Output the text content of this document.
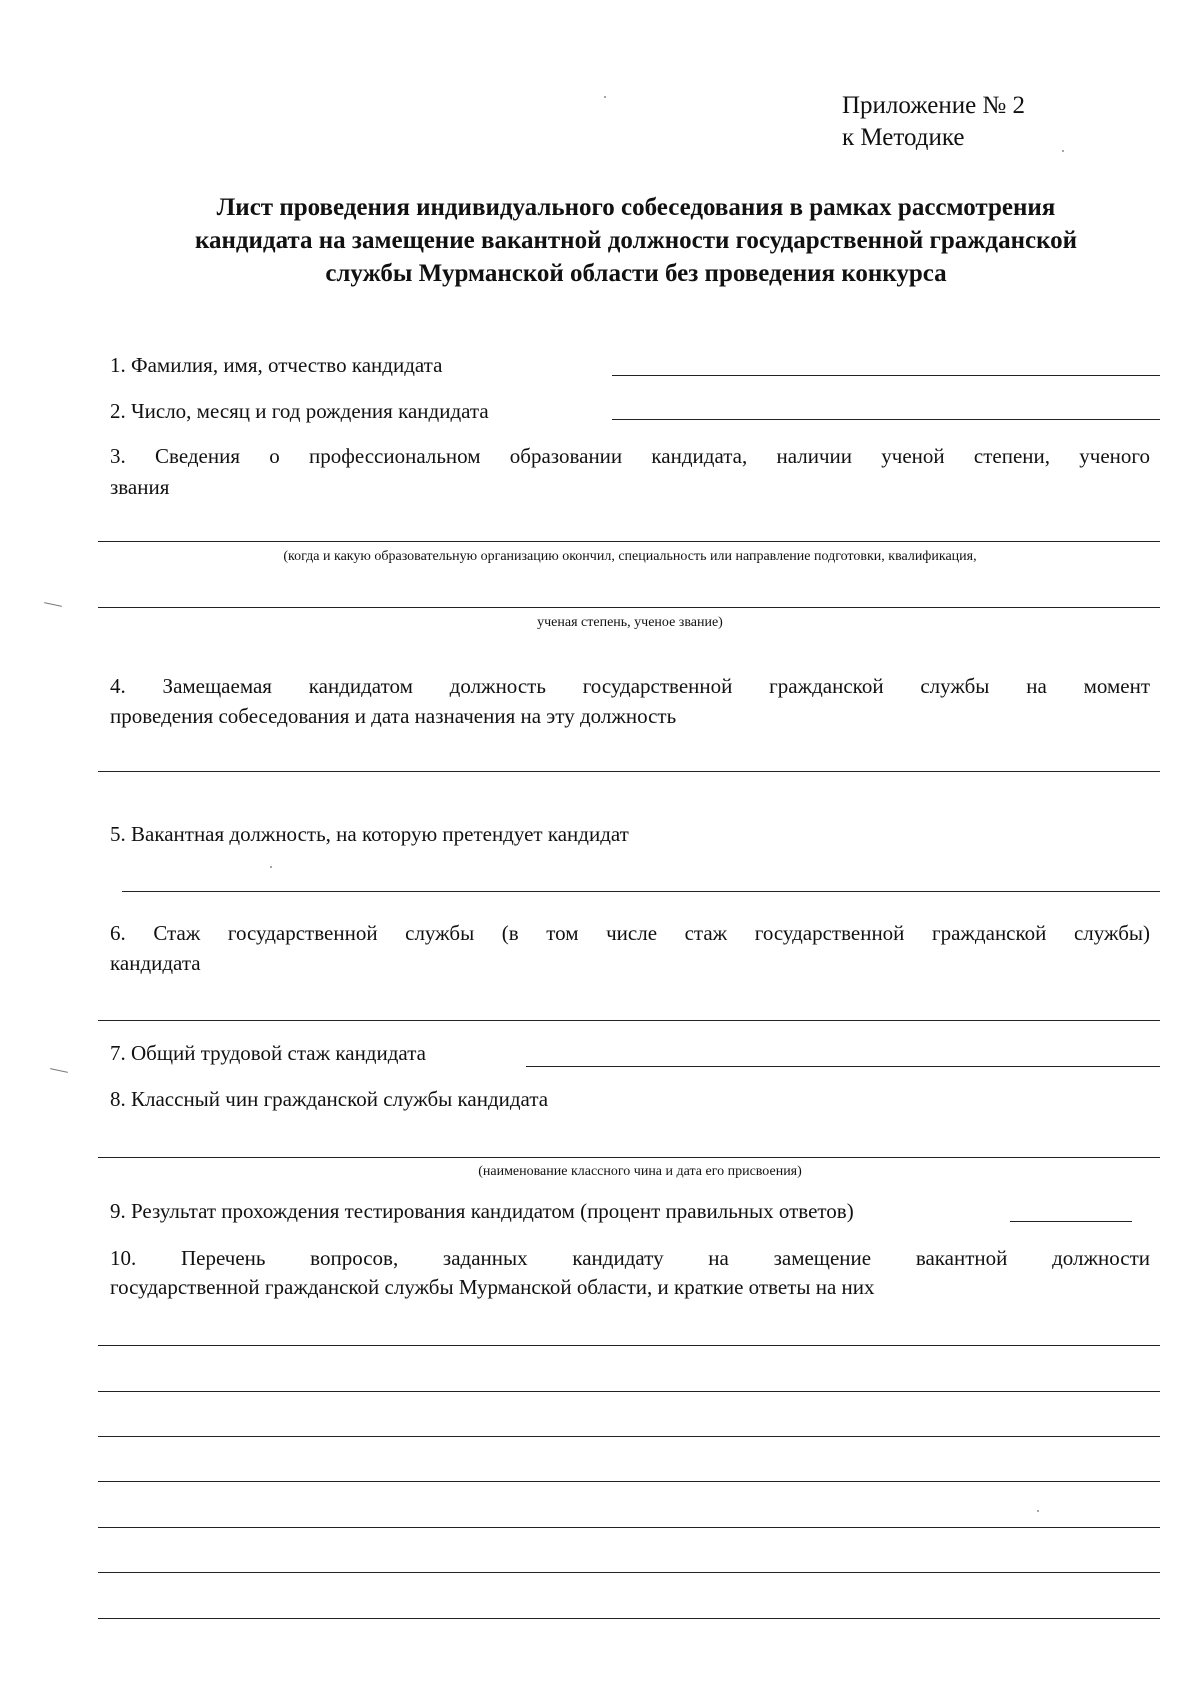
Приложение № 2
к Методике
Лист проведения индивидуального собеседования в рамках рассмотрения
кандидата на замещение вакантной должности государственной гражданской
службы Мурманской области без проведения конкурса
1. Фамилия, имя, отчество кандидата
2. Число, месяц и год рождения кандидата
3. Сведения о профессиональном образовании кандидата, наличии ученой степени, ученого
звания
(когда и какую образовательную организацию окончил, специальность или направление подготовки, квалификация,
ученая степень, ученое звание)
4. Замещаемая кандидатом должность государственной гражданской службы на момент
проведения собеседования и дата назначения на эту должность
5. Вакантная должность, на которую претендует кандидат
6. Стаж государственной службы (в том числе стаж государственной гражданской службы)
кандидата
7. Общий трудовой стаж кандидата
8. Классный чин гражданской службы кандидата
(наименование классного чина и дата его присвоения)
9. Результат прохождения тестирования кандидатом (процент правильных ответов)
10. Перечень вопросов, заданных кандидату на замещение вакантной должности
государственной гражданской службы Мурманской области, и краткие ответы на них
